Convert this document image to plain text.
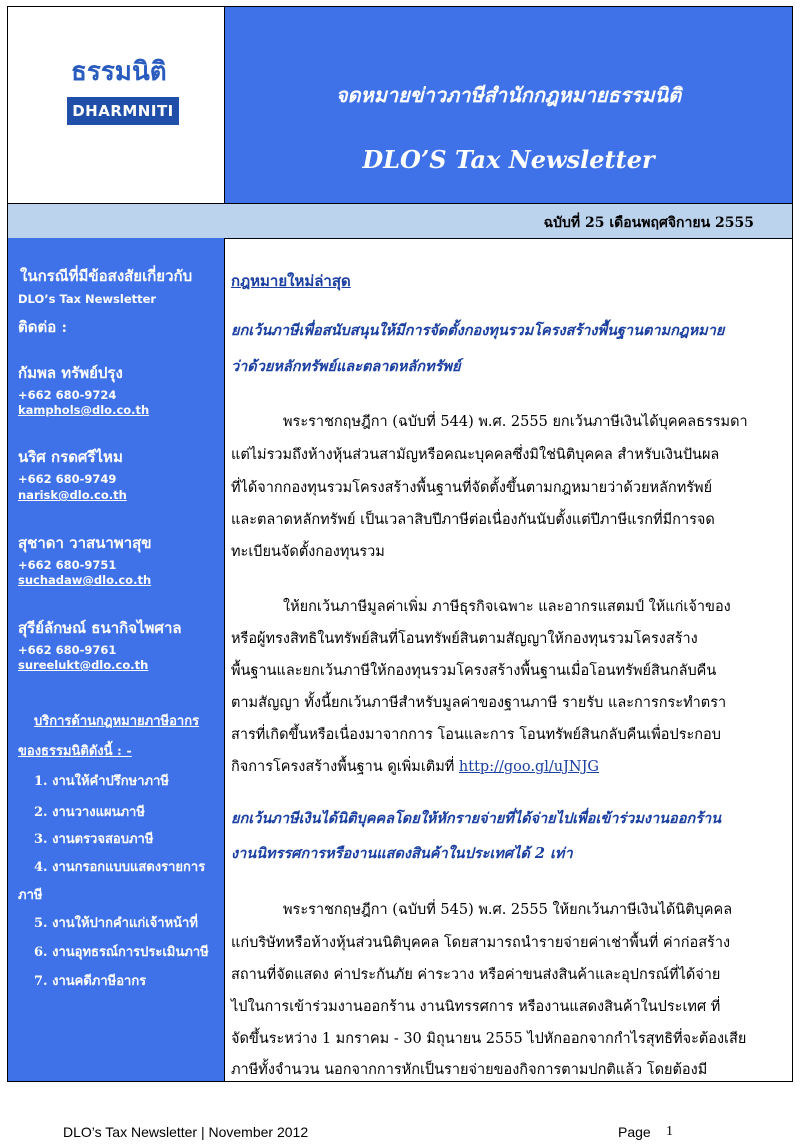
ธรรมนิติ
DHARMNITI
จดหมายข่าวภาษีสำนักกฎหมายธรรมนิติ
DLO’S Tax Newsletter
ฉบับที่ 25 เดือนพฤศจิกายน 2555
ในกรณีที่มีข้อสงสัยเกี่ยวกับ
DLO’s Tax Newsletter
ติดต่อ :
กัมพล ทรัพย์ปรุง
+662 680-9724
kamphols@dlo.co.th
นริศ กรดศรีไหม
+662 680-9749
narisk@dlo.co.th
สุชาดา วาสนาพาสุข
+662 680-9751
suchadaw@dlo.co.th
สุรีย์ลักษณ์ ธนากิจไพศาล
+662 680-9761
sureelukt@dlo.co.th
บริการด้านกฎหมายภาษีอากร
ของธรรมนิติดังนี้ : -
1. งานให้คำปรึกษาภาษี
2. งานวางแผนภาษี
3. งานตรวจสอบภาษี
4. งานกรอกแบบแสดงรายการ
ภาษี
5. งานให้ปากคำแก่เจ้าหน้าที่
6. งานอุทธรณ์การประเมินภาษี
7. งานคดีภาษีอากร
กฎหมายใหม่ล่าสุด
ยกเว้นภาษีเพื่อสนับสนุนให้มีการจัดตั้งกองทุนรวมโครงสร้างพื้นฐานตามกฎหมาย
ว่าด้วยหลักทรัพย์และตลาดหลักทรัพย์
พระราชกฤษฎีกา (ฉบับที่ 544) พ.ศ. 2555 ยกเว้นภาษีเงินได้บุคคลธรรมดา
แต่ไม่รวมถึงห้างหุ้นส่วนสามัญหรือคณะบุคคลซึ่งมิใช่นิติบุคคล สำหรับเงินปันผล
ที่ได้จากกองทุนรวมโครงสร้างพื้นฐานที่จัดตั้งขึ้นตามกฎหมายว่าด้วยหลักทรัพย์
และตลาดหลักทรัพย์ เป็นเวลาสิบปีภาษีต่อเนื่องกันนับตั้งแต่ปีภาษีแรกที่มีการจด
ทะเบียนจัดตั้งกองทุนรวม
ให้ยกเว้นภาษีมูลค่าเพิ่ม ภาษีธุรกิจเฉพาะ และอากรแสตมป์ ให้แก่เจ้าของ
หรือผู้ทรงสิทธิในทรัพย์สินที่โอนทรัพย์สินตามสัญญาให้กองทุนรวมโครงสร้าง
พื้นฐานและยกเว้นภาษีให้กองทุนรวมโครงสร้างพื้นฐานเมื่อโอนทรัพย์สินกลับคืน
ตามสัญญา ทั้งนี้ยกเว้นภาษีสำหรับมูลค่าของฐานภาษี รายรับ และการกระทำตรา
สารที่เกิดขึ้นหรือเนื่องมาจากการ โอนและการ โอนทรัพย์สินกลับคืนเพื่อประกอบ
กิจการโครงสร้างพื้นฐาน ดูเพิ่มเติมที่ http://goo.gl/uJNJG
ยกเว้นภาษีเงินได้นิติบุคคลโดยให้หักรายจ่ายที่ได้จ่ายไปเพื่อเข้าร่วมงานออกร้าน
งานนิทรรศการหรืองานแสดงสินค้าในประเทศได้ 2 เท่า
พระราชกฤษฎีกา (ฉบับที่ 545) พ.ศ. 2555 ให้ยกเว้นภาษีเงินได้นิติบุคคล
แก่บริษัทหรือห้างหุ้นส่วนนิติบุคคล โดยสามารถนำรายจ่ายค่าเช่าพื้นที่ ค่าก่อสร้าง
สถานที่จัดแสดง ค่าประกันภัย ค่าระวาง หรือค่าขนส่งสินค้าและอุปกรณ์ที่ได้จ่าย
ไปในการเข้าร่วมงานออกร้าน งานนิทรรศการ หรืองานแสดงสินค้าในประเทศ ที่
จัดขึ้นระหว่าง 1 มกราคม - 30 มิถุนายน 2555 ไปหักออกจากกำไรสุทธิที่จะต้องเสีย
ภาษีทั้งจำนวน นอกจากการหักเป็นรายจ่ายของกิจการตามปกติแล้ว โดยต้องมี
DLO’s Tax Newsletter | November 2012	Page 1
